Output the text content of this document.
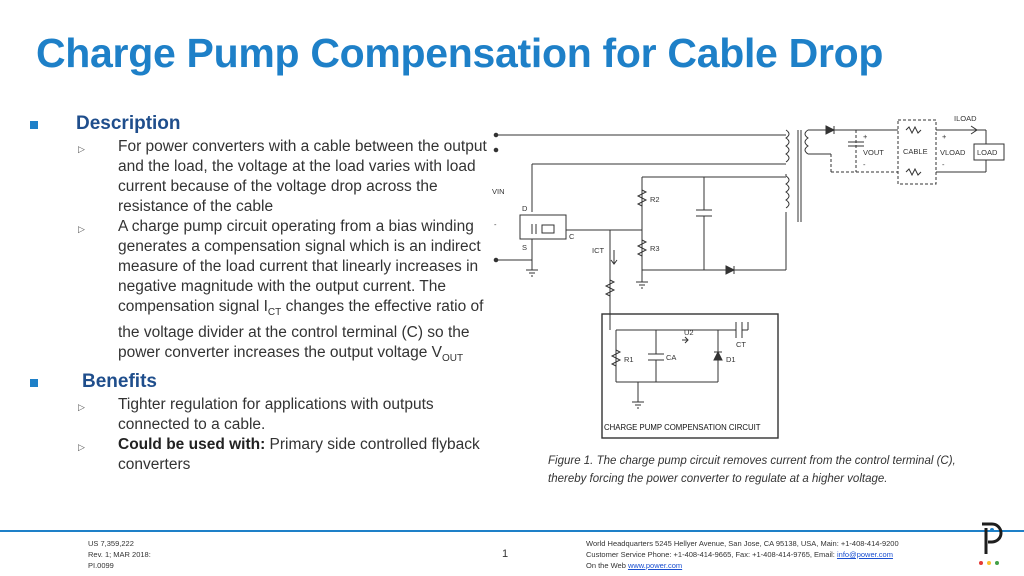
Charge Pump Compensation for Cable Drop
Description
▷ For power converters with a cable between the output and the load, the voltage at the load varies with load current because of the voltage drop across the resistance of the cable
▷ A charge pump circuit operating from a bias winding generates a compensation signal which is an indirect measure of the load current that linearly increases in negative magnitude with the output current. The compensation signal $I_{CT}$ changes the effective ratio of the voltage divider at the control terminal (C) so the power converter increases the output voltage $V_{OUT}$
Benefits
▷ Tighter regulation for applications with outputs connected to a cable.
▷ Could be used with: Primary side controlled flyback converters
VIN
-
D
S
C
R2
R3
ICT
+
VOUT
-
CABLE
ILOAD
+
VLOAD
-
LOAD
CT
U2
R1	CA	D1
CHARGE PUMP COMPENSATION CIRCUIT
Figure 1. The charge pump circuit removes current from the control terminal (C), thereby forcing the power converter to regulate at a higher voltage.
US 7,359,222
Rev. 1; MAR 2018:
PI.0099
1
World Headquarters 5245 Hellyer Avenue, San Jose, CA 95138, USA, Main: +1-408-414-9200
Customer Service Phone: +1-408-414-9665, Fax: +1-408-414-9765, Email: info@power.com
On the Web www.power.com
